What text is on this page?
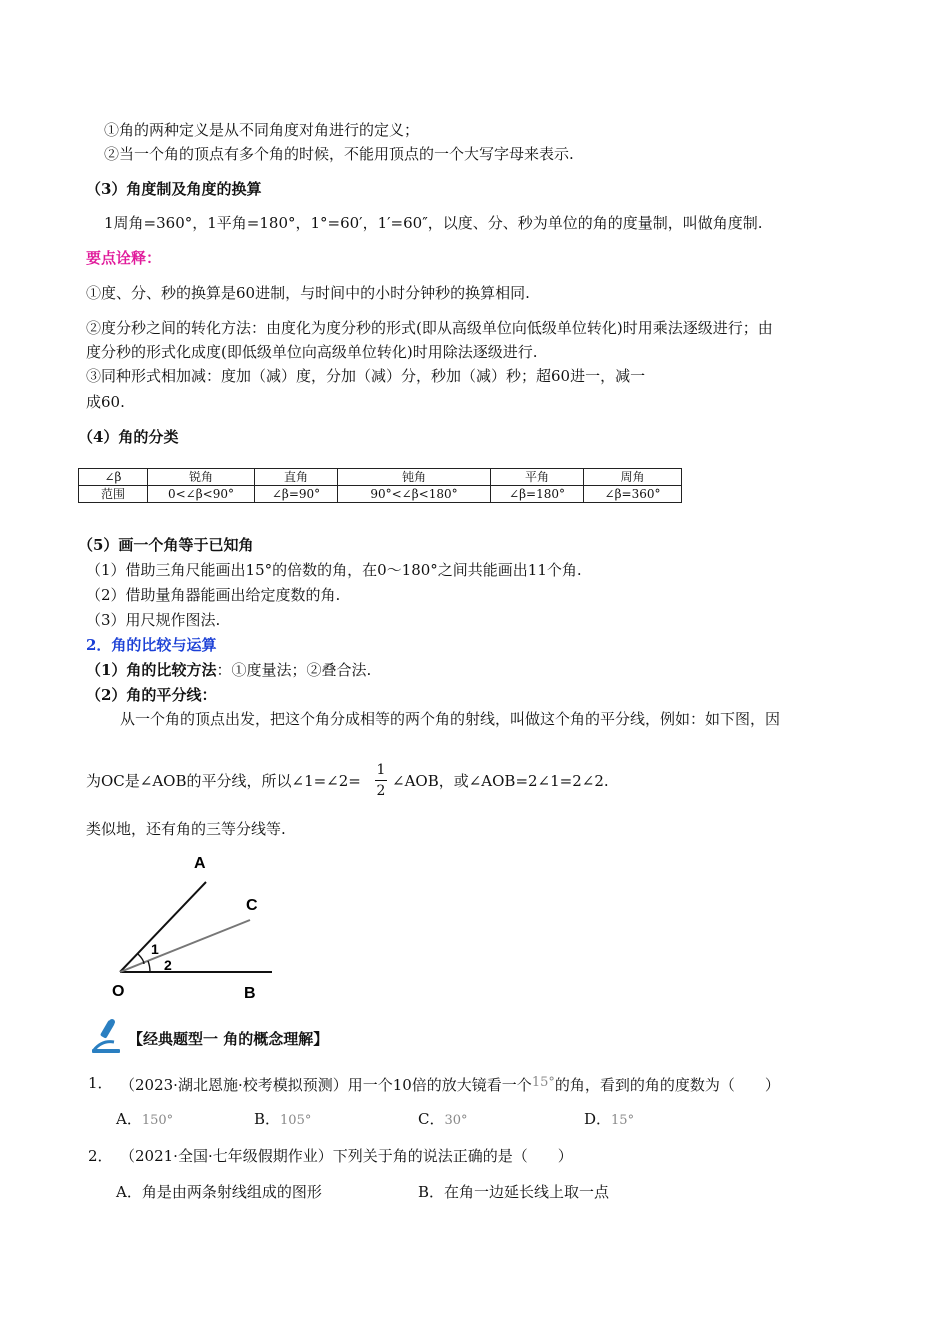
①角的两种定义是从不同角度对角进行的定义；
②当一个角的顶点有多个角的时候，不能用顶点的一个大写字母来表示.
（3）角度制及角度的换算
1周角=360°，1平角=180°，1°=60′，1′=60″，以度、分、秒为单位的角的度量制，叫做角度制.
要点诠释：
①度、分、秒的换算是60进制，与时间中的小时分钟秒的换算相同.
②度分秒之间的转化方法：由度化为度分秒的形式(即从高级单位向低级单位转化)时用乘法逐级进行；由
度分秒的形式化成度(即低级单位向高级单位转化)时用除法逐级进行.
③同种形式相加减：度加（减）度，分加（减）分，秒加（减）秒；超60进一，减一
成60.
（4）角的分类
∠β	锐角	直角	钝角	平角	周角
范围	0<∠β<90°	∠β=90°	90°<∠β<180°	∠β=180°	∠β=360°
（5）画一个角等于已知角
（1）借助三角尺能画出15°的倍数的角，在0～180°之间共能画出11个角.
（2）借助量角器能画出给定度数的角.
（3）用尺规作图法.
2．角的比较与运算
（1）角的比较方法：①度量法；②叠合法.
（2）角的平分线：
从一个角的顶点出发，把这个角分成相等的两个角的射线，叫做这个角的平分线，例如：如下图，因
为OC是∠AOB的平分线，所以∠1=∠2=
1
2
∠AOB，或∠AOB=2∠1=2∠2.
类似地，还有角的三等分线等.
A
C
O	B
1
2
【经典题型一 角的概念理解】
1． （2023·湖北恩施·校考模拟预测）用一个10倍的放大镜看一个15°的角，看到的角的度数为（　　）
A．150°	B．105°	C．30°	D．15°
2． （2021·全国·七年级假期作业）下列关于角的说法正确的是（　　）
A．角是由两条射线组成的图形	B．在角一边延长线上取一点
